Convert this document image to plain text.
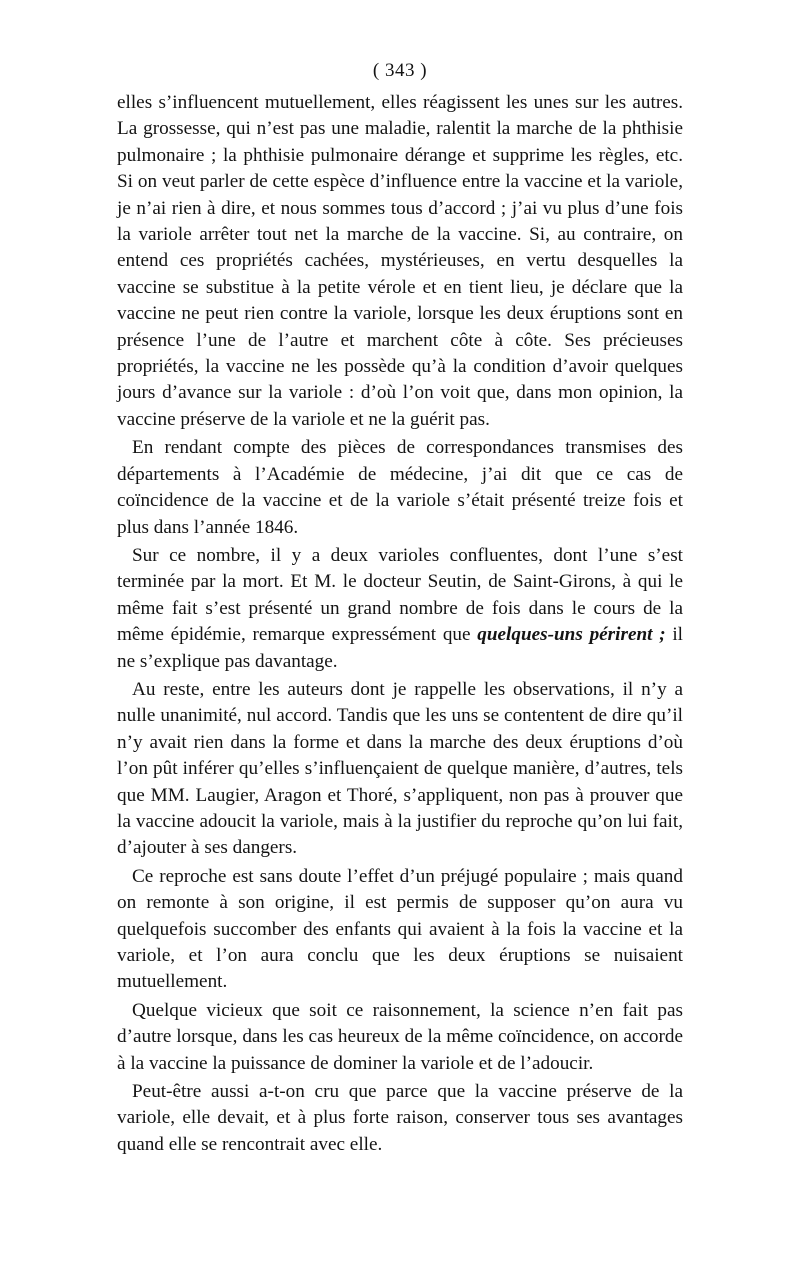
( 343 )

elles s’influencent mutuellement, elles réagissent les unes sur les autres. La grossesse, qui n’est pas une maladie, ralentit la marche de la phthisie pulmonaire ; la phthisie pulmonaire dérange et supprime les règles, etc. Si on veut parler de cette espèce d’influence entre la vaccine et la variole, je n’ai rien à dire, et nous sommes tous d’accord ; j’ai vu plus d’une fois la variole arrêter tout net la marche de la vaccine. Si, au contraire, on entend ces propriétés cachées, mystérieuses, en vertu desquelles la vaccine se substitue à la petite vérole et en tient lieu, je déclare que la vaccine ne peut rien contre la variole, lorsque les deux éruptions sont en présence l’une de l’autre et marchent côte à côte. Ses précieuses propriétés, la vaccine ne les possède qu’à la condition d’avoir quelques jours d’avance sur la variole : d’où l’on voit que, dans mon opinion, la vaccine préserve de la variole et ne la guérit pas.

En rendant compte des pièces de correspondances transmises des départements à l’Académie de médecine, j’ai dit que ce cas de coïncidence de la vaccine et de la variole s’était présenté treize fois et plus dans l’année 1846.

Sur ce nombre, il y a deux varioles confluentes, dont l’une s’est terminée par la mort. Et M. le docteur Seutin, de Saint-Girons, à qui le même fait s’est présenté un grand nombre de fois dans le cours de la même épidémie, remarque expressément que quelques-uns périrent ; il ne s’explique pas davantage.

Au reste, entre les auteurs dont je rappelle les observations, il n’y a nulle unanimité, nul accord. Tandis que les uns se contentent de dire qu’il n’y avait rien dans la forme et dans la marche des deux éruptions d’où l’on pût inférer qu’elles s’influençaient de quelque manière, d’autres, tels que MM. Laugier, Aragon et Thoré, s’appliquent, non pas à prouver que la vaccine adoucit la variole, mais à la justifier du reproche qu’on lui fait, d’ajouter à ses dangers.

Ce reproche est sans doute l’effet d’un préjugé populaire ; mais quand on remonte à son origine, il est permis de supposer qu’on aura vu quelquefois succomber des enfants qui avaient à la fois la vaccine et la variole, et l’on aura conclu que les deux éruptions se nuisaient mutuellement.

Quelque vicieux que soit ce raisonnement, la science n’en fait pas d’autre lorsque, dans les cas heureux de la même coïncidence, on accorde à la vaccine la puissance de dominer la variole et de l’adoucir.

Peut-être aussi a-t-on cru que parce que la vaccine préserve de la variole, elle devait, et à plus forte raison, conserver tous ses avantages quand elle se rencontrait avec elle.
